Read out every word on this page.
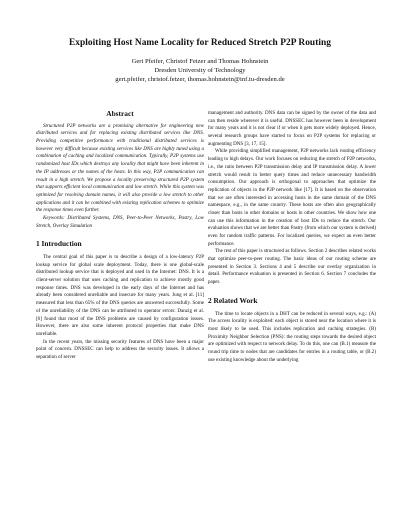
Exploiting Host Name Locality for Reduced Stretch P2P Routing
Gert Pfeifer, Christof Fetzer and Thomas Hohnstein
Dresden University of Technology
gert.pfeifer, christof.fetzer, thomas.hohnstein@inf.tu-dresden.de
Abstract

Structured P2P networks are a promising alternative for engineering new distributed services and for replacing existing distributed services like DNS. Providing competitive performance with traditional distributed services is however very difficult because existing services like DNS are highly tuned using a combination of caching and localized communication. Typically, P2P systems use randomized host IDs which destroys any locality that might have been inherent in the IP addresses or the names of the hosts. In this way, P2P communication can result in a high stretch. We propose a locality preserving structured P2P system that supports efficient local communication and low stretch. While this system was optimized for resolving domain names, it will also provide a low stretch to other applications and it can be combined with existing replication schemes to optimize the response times even further.

Keywords: Distributed Systems, DNS, Peer-to-Peer Networks, Pastry, Low Stretch, Overlay Simulation

1 Introduction

The central goal of this paper is to describe a design of a low-latency P2P lookup service for global scale deployment. Today, there is one global-scale distributed lookup service that is deployed and used in the Internet: DNS. It is a client-server solution that uses caching and replication to achieve mostly good response times. DNS was developed in the early days of the Internet and has already been considered unreliable and insecure for many years. Jung et al. [11] measured that less than 65% of the DNS queries are answered successfully. Some of the unreliability of the DNS can be attributed to operator errors: Danzig et al. [6] found that most of the DNS problems are caused by configuration issues. However, there are also some inherent protocol properties that make DNS unreliable.

In the recent years, the missing security features of DNS have been a major point of concern. DNSSEC can help to address the security issues. It allows a separation of server

management and authority. DNS data can be signed by the owner of the data and can then reside wherever it is useful. DNSSEC has however been in development for many years and it is not clear if or when it gets more widely deployed. Hence, several research groups have started to focus on P2P systems for replacing or augmenting DNS [3, 17, 15].

While providing simplified management, P2P networks lack routing efficiency leading to high delays. Our work focuses on reducing the stretch of P2P networks, i.e., the ratio between P2P transmission delay and IP transmission delay. A lower stretch would result in better query times and reduce unnecessary bandwidth consumption. Our approach is orthogonal to approaches that optimize the replication of objects in the P2P network like [17]. It is based on the observation that we are often interested in accessing hosts in the same domain of the DNS namespace, e.g., in the same country. These hosts are often also geographically closer than hosts in other domains or hosts in other countries. We show how one can use this information in the creation of host IDs to reduce the stretch. Our evaluation shows that we are better than Pastry (from which our system is derived) even for random traffic patterns. For localized queries, we expect an even better performance.

The rest of this paper is structured as follows. Section 2 describes related works that optimize peer-to-peer routing. The basic ideas of our routing scheme are presented in Section 3. Sections 4 and 5 describe our overlay organization in detail. Performance evaluation is presented in Section 6. Section 7 concludes the paper.

2 Related Work

The time to locate objects in a DHT can be reduced in several ways, e.g.: (A) The access locality is exploited: each object is stored near the location where it is most likely to be used. This includes replication and caching strategies. (B) Proximity Neighbor Selection (PNS): the routing steps towards the desired object are optimized with respect to network delay. To do this, one can (B.1) measure the round trip time to nodes that are candidates for entries in a routing table, or (B.2) use existing knowledge about the underlying
